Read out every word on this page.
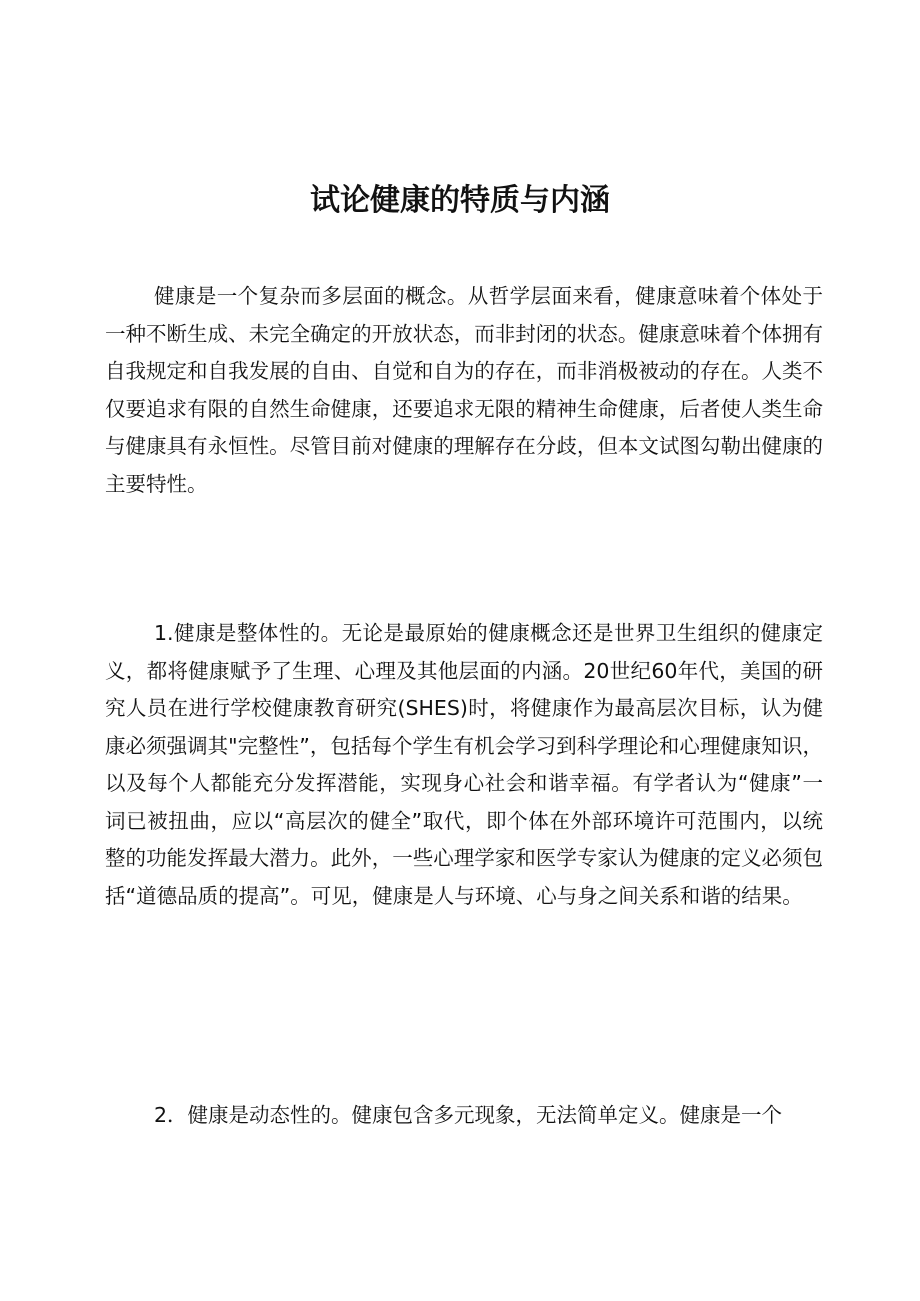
试论健康的特质与内涵

健康是一个复杂而多层面的概念。从哲学层面来看，健康意味着个体处于一种不断生成、未完全确定的开放状态，而非封闭的状态。健康意味着个体拥有自我规定和自我发展的自由、自觉和自为的存在，而非消极被动的存在。人类不仅要追求有限的自然生命健康，还要追求无限的精神生命健康，后者使人类生命与健康具有永恒性。尽管目前对健康的理解存在分歧，但本文试图勾勒出健康的主要特性。

1.健康是整体性的。无论是最原始的健康概念还是世界卫生组织的健康定义，都将健康赋予了生理、心理及其他层面的内涵。20世纪60年代，美国的研究人员在进行学校健康教育研究(SHES)时，将健康作为最高层次目标，认为健康必须强调其"完整性”，包括每个学生有机会学习到科学理论和心理健康知识，以及每个人都能充分发挥潜能，实现身心社会和谐幸福。有学者认为“健康”一词已被扭曲，应以“高层次的健全”取代，即个体在外部环境许可范围内，以统整的功能发挥最大潜力。此外，一些心理学家和医学专家认为健康的定义必须包括“道德品质的提高”。可见，健康是人与环境、心与身之间关系和谐的结果。

2．健康是动态性的。健康包含多元现象，无法简单定义。健康是一个
